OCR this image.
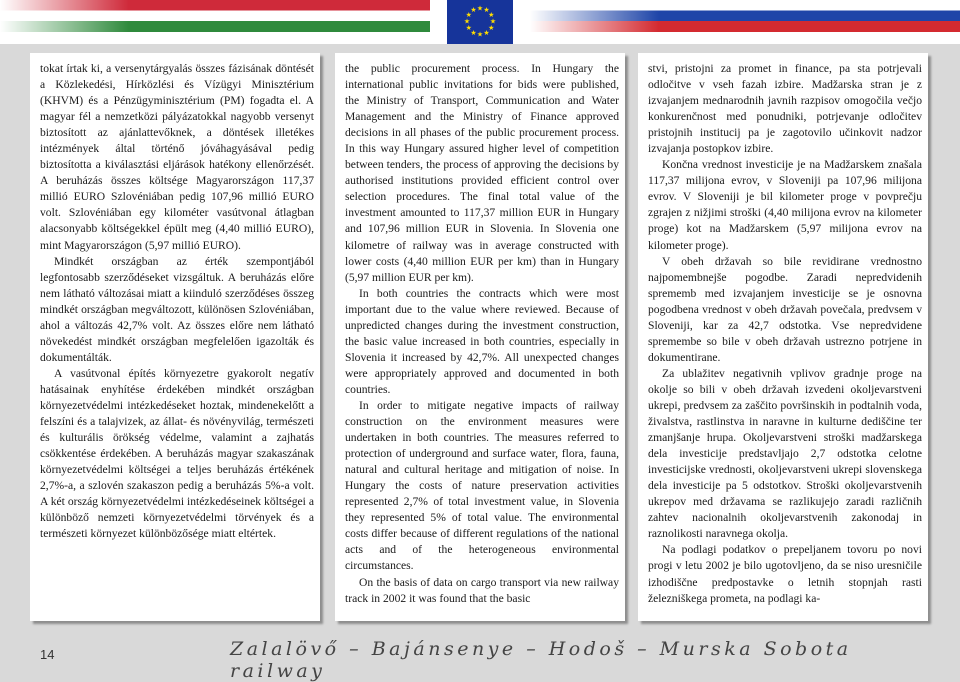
★ ★
★
★
★
★
★
★
★
★
★
★

tokat írtak ki, a versenytárgyalás összes fázisának döntését a Közlekedési, Hírközlési és Vízügyi Minisztérium (KHVM) és a Pénzügyminisztérium (PM) fogadta el. A magyar fél a nemzetközi pályázatokkal nagyobb versenyt biztosított az ajánlattevőknek, a döntések illetékes intézmények által történő jóváhagyásával pedig biztosította a kiválasztási eljárások hatékony ellenőrzését. A beruházás összes költsége Magyarországon 117,37 millió EURO Szlovéniában pedig 107,96 millió EURO volt. Szlovéniában egy kilométer vasútvonal átlagban alacsonyabb költségekkel épült meg (4,40 millió EURO), mint Magyarországon (5,97 millió EURO).

Mindkét országban az érték szempontjából legfontosabb szerződéseket vizsgáltuk. A beruházás előre nem látható változásai miatt a kiinduló szerződéses összeg mindkét országban megváltozott, különösen Szlovéniában, ahol a változás 42,7% volt. Az összes előre nem látható növekedést mindkét országban megfelelően igazolták és dokumentálták.

A vasútvonal építés környezetre gyakorolt negatív hatásainak enyhítése érdekében mindkét országban környezetvédelmi intézkedéseket hoztak, mindenekelőtt a felszíni és a talajvizek, az állat- és növényvilág, természeti és kulturális örökség védelme, valamint a zajhatás csökkentése érdekében. A beruházás magyar szakaszának környezetvédelmi költségei a teljes beruházás értékének 2,7%-a, a szlovén szakaszon pedig a beruházás 5%-a volt. A két ország környezetvédelmi intézkedéseinek költségei a különböző nemzeti környezetvédelmi törvények és a természeti környezet különbözősége miatt eltértek.

the public procurement process. In Hungary the international public invitations for bids were published, the Ministry of Transport, Communication and Water Management and the Ministry of Finance approved decisions in all phases of the public procurement process. In this way Hungary assured higher level of competition between tenders, the process of approving the decisions by authorised institutions provided efficient control over selection procedures. The final total value of the investment amounted to 117,37 million EUR in Hungary and 107,96 million EUR in Slovenia. In Slovenia one kilometre of railway was in average constructed with lower costs (4,40 million EUR per km) than in Hungary (5,97 million EUR per km).

In both countries the contracts which were most important due to the value where reviewed. Because of unpredicted changes during the investment construction, the basic value increased in both countries, especially in Slovenia it increased by 42,7%. All unexpected changes were appropriately approved and documented in both countries.

In order to mitigate negative impacts of railway construction on the environment measures were undertaken in both countries. The measures referred to protection of underground and surface water, flora, fauna, natural and cultural heritage and mitigation of noise. In Hungary the costs of nature preservation activities represented 2,7% of total investment value, in Slovenia they represented 5% of total value. The environmental costs differ because of different regulations of the national acts and of the heterogeneous environmental circumstances.

On the basis of data on cargo transport via new railway track in 2002 it was found that the basic

stvi, pristojni za promet in finance, pa sta potrjevali odločitve v vseh fazah izbire. Madžarska stran je z izvajanjem mednarodnih javnih razpisov omogočila večjo konkurenčnost med ponudniki, potrjevanje odločitev pristojnih institucij pa je zagotovilo učinkovit nadzor izvajanja postopkov izbire.

Končna vrednost investicije je na Madžarskem znašala 117,37 milijona evrov, v Sloveniji pa 107,96 milijona evrov. V Sloveniji je bil kilometer proge v povprečju zgrajen z nižjimi stroški (4,40 milijona evrov na kilometer proge) kot na Madžarskem (5,97 milijona evrov na kilometer proge).

V obeh državah so bile revidirane vrednostno najpomembnejše pogodbe. Zaradi nepredvidenih sprememb med izvajanjem investicije se je osnovna pogodbena vrednost v obeh državah povečala, predvsem v Sloveniji, kar za 42,7 odstotka. Vse nepredvidene spremembe so bile v obeh državah ustrezno potrjene in dokumentirane.

Za ublažitev negativnih vplivov gradnje proge na okolje so bili v obeh državah izvedeni okoljevarstveni ukrepi, predvsem za zaščito površinskih in podtalnih voda, živalstva, rastlinstva in naravne in kulturne dediščine ter zmanjšanje hrupa. Okoljevarstveni stroški madžarskega dela investicije predstavljajo 2,7 odstotka celotne investicijske vrednosti, okoljevarstveni ukrepi slovenskega dela investicije pa 5 odstotkov. Stroški okoljevarstvenih ukrepov med državama se razlikujejo zaradi različnih zahtev nacionalnih okoljevarstvenih zakonodaj in raznolikosti naravnega okolja.

Na podlagi podatkov o prepeljanem tovoru po novi progi v letu 2002 je bilo ugotovljeno, da se niso uresničile izhodiščne predpostavke o letnih stopnjah rasti železniškega prometa, na podlagi ka-

14	Zalalövő – Bajánsenye – Hodoš – Murska Sobota railway
